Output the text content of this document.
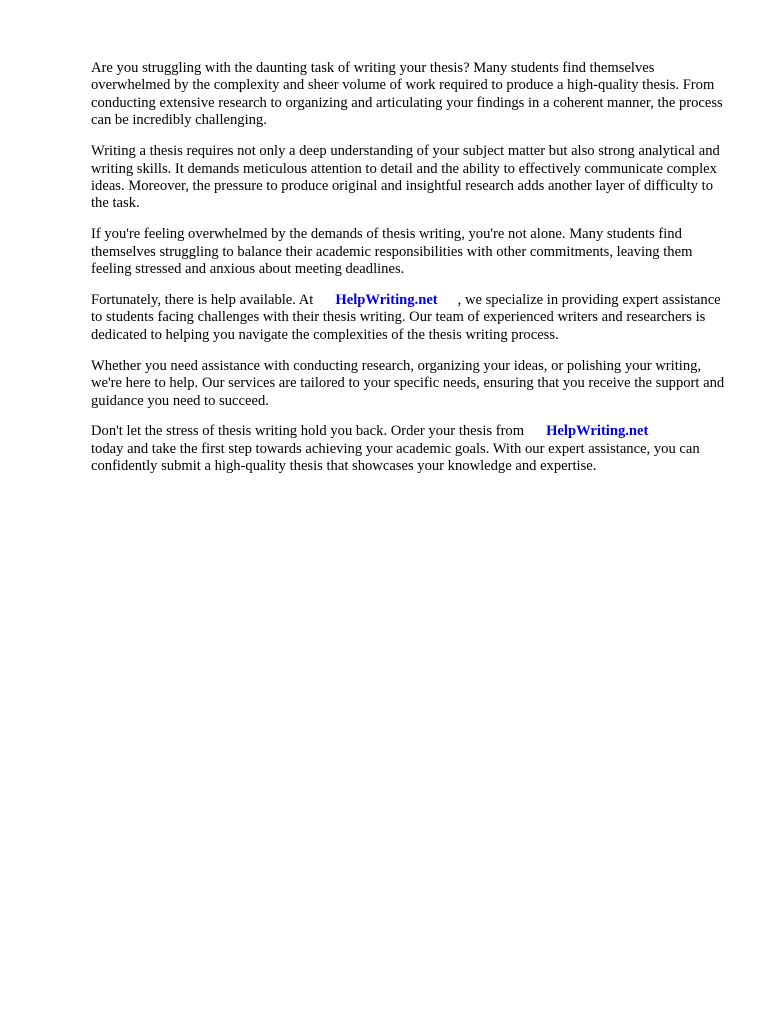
Are you struggling with the daunting task of writing your thesis? Many students find themselves overwhelmed by the complexity and sheer volume of work required to produce a high-quality thesis. From conducting extensive research to organizing and articulating your findings in a coherent manner, the process can be incredibly challenging.

Writing a thesis requires not only a deep understanding of your subject matter but also strong analytical and writing skills. It demands meticulous attention to detail and the ability to effectively communicate complex ideas. Moreover, the pressure to produce original and insightful research adds another layer of difficulty to the task.

If you're feeling overwhelmed by the demands of thesis writing, you're not alone. Many students find themselves struggling to balance their academic responsibilities with other commitments, leaving them feeling stressed and anxious about meeting deadlines.

Fortunately, there is help available. At HelpWriting.net , we specialize in providing expert assistance to students facing challenges with their thesis writing. Our team of experienced writers and researchers is dedicated to helping you navigate the complexities of the thesis writing process.

Whether you need assistance with conducting research, organizing your ideas, or polishing your writing, we're here to help. Our services are tailored to your specific needs, ensuring that you receive the support and guidance you need to succeed.

Don't let the stress of thesis writing hold you back. Order your thesis from HelpWriting.net
today and take the first step towards achieving your academic goals. With our expert assistance, you can confidently submit a high-quality thesis that showcases your knowledge and expertise.
